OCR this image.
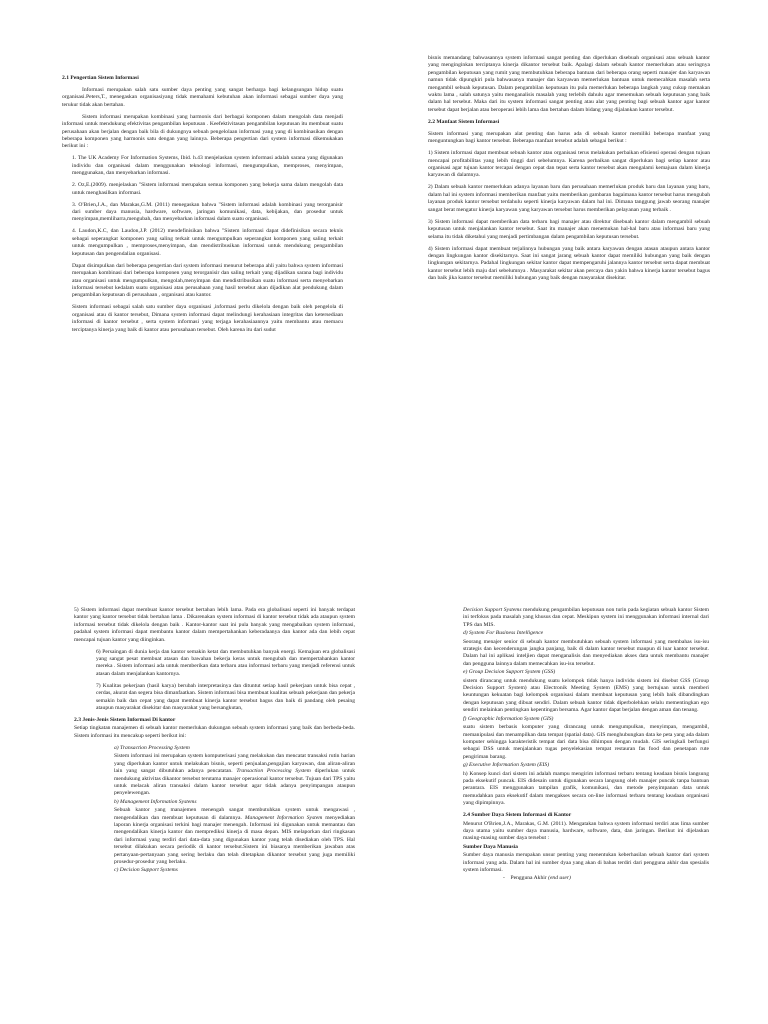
2.1 Pengertian Sistem Informasi

Informasi merupakan salah satu sumber daya penting yang sangat berharga bagi kelangsungan hidup suatu organisasi.Peters,T., menegaskan organisasiyang tidak memahami kebutuhan akan informasi sebagai sumber daya yang terukur tidak akan bertahan.

Sistem informasi merupakan kombinasi yang harmonis dari berbagai komponen dalam mengolah data menjadi informasi untuk mendukung efektivitas pengambilan keputusan . Keefektivitasan pengambilan keputusan itu membuat suatu perusahaan akan berjalan dengan baik bila di dukungnya sebuah pengelolaan informasi yang yang di kombinasikan dengan beberapa komponen yang harmonis satu dengan yang lainnya. Beberapa pengertian dari system informasi dikemukakan berikut ini :

1. The UK Academy For Information Systems, Ibid. h.43 menjelaskan system informasi adalah sarana yang digunakan individu dan organisasi dalam menggunakan teknologi informasi, mengumpulkan, memproses, menyimpan, menggunakan, dan menyebarkan informasi.

2. Oz,E.(2009). menjelaskan "Sistem informasi merupakan semua komponen yang bekerja sama dalam mengolah data untuk menghasilkan informasi.

3. O'Brien,J.A., dan Marakas,G.M. (2011) menegaskan bahwa "Sistem informasi adalah kombinasi yang terorganisir dari sumber daya manusia, hardware, software, jaringan komunikasi, data, kebijakan, dan prosedur untuk menyimpan,memliharra,mengubah, dan menyebarkan informasi dalam suatu organisasi.

4. Laudon,K.C, dan Laudon,J.P. (2012) mendefinisikan bahwa "Sistem informasi dapat didefinisikan secara teknis sebagai seperangkat komponen yang saling terkait untuk mengumpulkan seperangkat komponen yang saling terkait untuk mengumpulkan , memproses,menyimpan, dan mendistribusikan informasi untuk mendukung pengambilan keputusan dan pengendalian organisasi.

Dapat disimpulkan dari beberapa pengertian dari system informasi menurut beberapa ahli yaitu bahwa system informasi merupakan kombinasi dari beberapa komponen yang terorganisir dan saling terkait yang dijadikan sarana bagi individu atau organisasi untuk mengumpulkan, mengolah,menyimpan dan mendistribusikan suatu informasi serta menyebarkan informasi tersebut kedalam suatu organisasi atau perusahaan yang hasil tersebut akan dijadikan alat pendukung dalam pengambilan keputusan di perusahaan , organisasi atau kantor.

Sistem informasi sebagai salah satu sumber daya organisasi ,informasi perlu dikelola dengan baik oleh pengelola di organisasi atau di kantor tersebut, Dimana system informasi dapat melindungi kerahasiaan integritas dan ketersediaan informasi di kantor tersebut , serta system informasi yang terjaga kerahasiaannya yaitu membantu atau memacu terciptanya kinerja yang baik di kantor atau perusahaan tersebut. Oleh karena itu dari sudut

bisnis memandang bahwasannya system informasi sangat penting dan diperlukan disebuah organisasi atau sebuah kantor yang menginginkan terciptanya kinerja dikantor tersebut baik. Apalagi dalam sebuah kantor memerlukan atau seringnya pengambilan keputusan yang rumit yang membutuhkan beberapa bantuan dari beberapa orang seperti manajer dan karyawan namun tidak dipungkiri pula bahwasanya manajer dan karyawan memerlukan bantuan untuk memecahkan masalah serta mengambil sebuah keputusan. Dalam pengambilan keputusan itu pula memerlukan beberapa langkah yang cukup memakan waktu lama , salah satunya yaitu menganalisis masalah yang terlebih dahulu agar menemukan sebuah keputusan yang baik dalam hal tersebut. Maka dari itu system informasi sangat penting atau alat yang penting bagi sebuah kantor agar kantor tersebut dapat berjalan atau beroperasi lebih lama dan bertahan dalam bidang yang dijalankan kantor tersebut.

2.2 Manfaat Sistem Informasi

Sistem informasi yang merupakan alat penting dan harus ada di sebuah kantor memiliki beberapa manfaat yang menguntungkan bagi kantor tersebut. Beberapa manfaat tersebut adalah sebagai berikut :

1) Sistem informasi dapat membuat sebuah kantor atau organisasi terus melakukan perbaikan efisiensi operasi dengan tujuan mencapai profitabilitas yang lebih tinggi dari sebelumnya. Karena perbaikan sangat diperlukan bagi setiap kantor atau organisasi agar tujuan kantor tercapai dengan cepat dan tepat serta kantor tersebut akan mengalami kemajuan dalam kinerja karyawan di dalamnya.

2) Dalam sebuah kantor memerlukan adanya layanan baru dan perusahaan memerlukan produk baru dan layanan yang baru, dalam hal ini system informasi memberikan manfaat yaitu memberikan gambaran bagaimana kantor tersebut harus mengubah layanan produk kantor tersebut terdahulu seperti kinerja karyawan dalam hal ini. Dimana tanggung jawab seorang manajer sangat berat mengatur kinerja karyawan yang karyawan tersebut harus memberikan pelayanan yang terbaik .

3) Sistem informasi dapat memberikan data terbaru bagi manajer atau direktur disebuah kantor dalam mengambil sebuah keputusan untuk menjalankan kantor tersebut. Saat itu manajer akan menemukan hal-hal baru atau informasi baru yang selama itu tidak diketahui yang menjadi pertimbangan dalam pengambilan keputusan tersebut.

4) Sistem informasi dapat membuat terjalinnya hubungan yang baik antara karyawan dengan atasan ataupun antara kantor dengan lingkungan kantor disekitarnya. Saat ini sangat jarang sebuah kantor dapat memiliki hubungan yang baik dengan lingkungan sekitarnya. Padahal lingkungan sekitar kantor dapat mempengaruhi jalannya kantor tersebut serta dapat membuat kantor tersebut lebih maju dari sebelumnya . Masyarakat sekitar akan percaya dan yakin bahwa kinerja kantor tersebut bagus dan baik jika kantor tersebut memiliki hubungan yang baik dengan masyarakat disekitar.

5) Sistem informasi dapat membuat kantor tersebut bertahan lebih lama. Pada era globalisasi seperti ini banyak terdapat kantor yang kantor tersebut tidak bertahan lama . Dikarenakan system informasi di kantor tersebut tidak ada ataupun system informasi tersebut tidak dikelola dengan baik . Kantor-kantor saat ini pula banyak yang mengabaikan system informasi, padahal system informasi dapat membantu kantor dalam mempertahankan keberadaanya dan kantor ada dan lebih cepat mencapai tujuan kantor yang diinginkan.

6) Persaingan di dunia kerja dan kantor semakin ketat dan membutuhkan banyak energi. Kemajuan era globalisasi yang sangat pesat membuat atasan dan bawahan bekerja keras untuk mengubah dan mempertahankan kantor mereka . Sistem informasi ada untuk memberikan data terbaru atau informasi terbaru yang menjadi referensi untuk atasan dalam menjalankan kantornya.

7) Kualitas pekerjaan (hasil karya) berubah interpretasinya dan dituntut setiap hasil pekerjaan untuk bisa cepat , cerdas, akurat dan segera bisa dimanfaatkan. Sistem informasi bisa membuat kualitas sebuah pekerjaan dan pekerja semakin baik dan cepat yang dapat membuat kinerja kantor tersebut bagus dan baik di pandang oleh pesaing ataupun masyarakat disekitar dan masyarakat yang bersangkutan,

2.3 Jenis-Jenis Sistem Informasi Di kantor

Setiap tingkatan manajemen di sebuah kantor memerlukan dukungan sebuah system informasi yang baik dan berbeda-beda. Sistem informasi itu mencakup seperti berikut ini:

a) Transaction Processing System

Sistem informasi ini merupakan system komputerisasi yang melakukan dan mencatat transaksi rutin harian yang diperlukan kantor untuk melakukan bisnis, seperti penjualan,pengajian karyawan, dan aliran-aliran lain yang sangat dibutuhkan adanya pencatatan. Transaction Processing System diperlukan untuk mendukung aktivitas dikantor tersebut terutama manajer operasional kantor tersebut. Tujuan dari TPS yaitu untuk melacak aliran transaksi dalam kantor tersebut agar tidak adanya penyimpangan ataupun penyelewengan.

b) Management Information Systems

Sebuah kantor yang manajemen menengah sangat membutuhkan system untuk mengawasi , mengendalikan dan membuat keputusan di dalamnya. Management Information System menyediakan laporan kinerja organisasi terkini bagi manajer menengah. Informasi ini digunakan untuk memantau dan mengendalikan kinerja kantor dan memprediksi kinerja di masa depan. MIS melaporkan dari ringkasan dari informasi yang terdiri dari data-data yang digunakan kantor yang telah disediakan oleh TPS. Hal tersebut dilakukan secara periodik di kantor tersebut.Sistem ini biasanya memberikan jawaban atas pertanyaan-pertanyaan yang sering berlaku dan telah ditetapkan dikantor tersebut yang juga memiliki prosedur-prosedur yang berlaku.

c) Decision Support Systems

Decision Support Systems mendukung pengambilan keputusan non turin pada kegiatan sebuah kantor Sistem ini terfokus pada masalah yang khusus dan cepat. Meskipun system ini menggunakan informasi internal dari TPS dan MIS.

d) System For Business Intelligence

Seorang menajer senior di sebuah kantor membutuhkan sebuah system informasi yang membahas isu-isu strategis dan kecenderungan jangka panjang, baik di dalam kantor tersebut maupun di luar kantor tersebut. Dalam hal ini aplikasi inteljien dapat menganalisis dan menyediakan akses data untuk membantu manajer dan pengguna lainnya dalam memecahkan isu-isu tersebut.

e) Group Decision Support System (GSS)

sistem dirancang untuk mendukung suatu kelompok tidak hanya individu sistem ini disebut GSS (Group Decision Support System) atau Electronik Meeting System (EMS) yang bertujuan untuk memberi keuntungan kekuatan bagi kelompok organisasi dalam membuat keputusan yang lebih baik dibandingkan dengan keputusan yang dibuat sendiri. Dalam sebuah kantor tidak diperbolehkan selalu mementingkan ego sendiri melainkan pentingkan kepentingan bersama. Agar kantor dapat berjalan dengan aman dan tenang.

f) Geographic Information System (GIS)

suatu sistem berbasis komputer yang dirancang untuk mengumpulkan, menyimpan, mengambil, memanipulasi dan menampilkan data tempat (spatial data). GIS menghubungkan data ke peta yang ada dalam komputer sehingga karakteristik tempat dari data bisa dihimpun dengan mudah. GIS seringkali berfungsi sebagai DSS untuk menjalankan tugas penyelekasian tempat restauran fas food dan penetapan rute pengiriman barang.

g) Executive Information System (EIS)

h) Konsep kunci dari sistem ini adalah mampu mengirim informasi terbaru tentang keadaan bisnis langsung pada eksekutif puncak. EIS didesain untuk digunakan secara langsung oleh manajer puncak tanpa bantuan perantara. EIS menggunakan tampilan grafik, komunikasi, dan metode penyimpanan data untuk memudahkan para eksekutif dalam mengakses secara on-line informasi terbaru tentang keadaan organisasi yang dipimpinnya.

2.4 Sumber Daya Sistem Informasi di Kantor

Menurut O'Brien,J.A., Marakas, G.M. (2011). Mengatakan bahwa system informasi terdiri atas lima sumber daya utama yaitu sumber daya manusia, hardware, software, data, dan jaringan. Berikut ini dijelaskan masing-masing sumber daya tersebut :

Sumber Daya Manusia

Sumber daya manusia merupakan unsur penting yang menentukan keberhasilan sebuah kantor dari system informasi yang ada. Dalam hal ini sumber dyaa yang akan di bahas terdiri dari pengguna akhir dan spesialis system informasi.

- Pengguna Akhir (end user)
